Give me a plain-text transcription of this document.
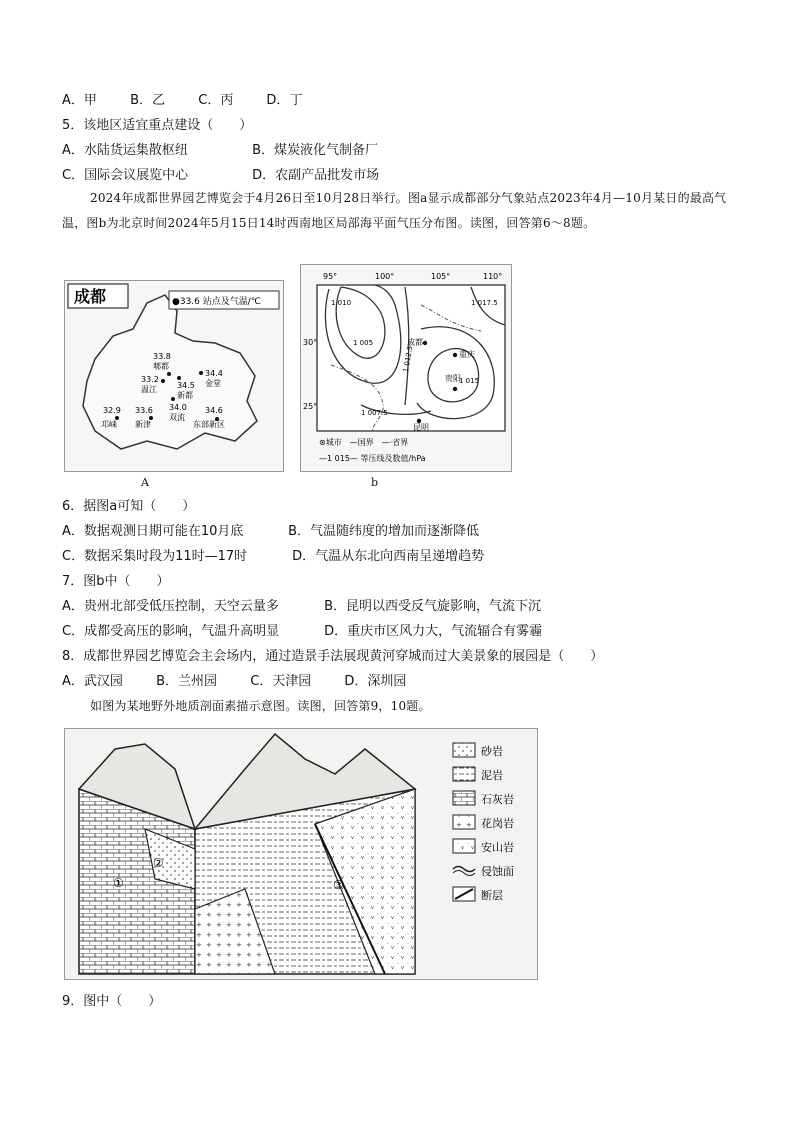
A．甲	B．乙	C．丙	D．丁
5．该地区适宜重点建设（　　）
A．水陆货运集散枢纽	B．煤炭液化气制备厂
C．国际会议展览中心	D．农副产品批发市场
2024年成都世界园艺博览会于4月26日至10月28日举行。图a显示成都部分气象站点2023年4月—10月某日的最高气温，图b为北京时间2024年5月15日14时西南地区局部海平面气压分布图。读图，回答第6～8题。
成都	●33.6 站点及气温/℃
33.8
郫都
33.2
温江	34.5
新都
34.4
金堂
34.0
双流
32.9
邛崃
33.6
新津
34.6
东部新区
A
95°	100°	105°	110°
30°
25°
1 010
1 005
1 012.5
1 017.5
1 015
1 007.5
成都
重庆
贵阳
昆明
⊛城市　—国界　—·省界
—1 015— 等压线及数值/hPa
b
6．据图a可知（　　）
A．数据观测日期可能在10月底	B．气温随纬度的增加而逐渐降低
C．数据采集时段为11时—17时	D．气温从东北向西南呈递增趋势
7．图b中（　　）
A．贵州北部受低压控制，天空云量多	B．昆明以西受反气旋影响，气流下沉
C．成都受高压的影响，气温升高明显	D．重庆市区风力大，气流辐合有雾霾
8．成都世界园艺博览会主会场内，通过造景手法展现黄河穿城而过大美景象的展园是（　　）
A．武汉园	B．兰州园	C．天津园	D．深圳园
如图为某地野外地质剖面素描示意图。读图，回答第9，10题。
①
②
③
砂岩
泥岩
石灰岩
花岗岩
安山岩
侵蚀面
断层
9．图中（　　）
